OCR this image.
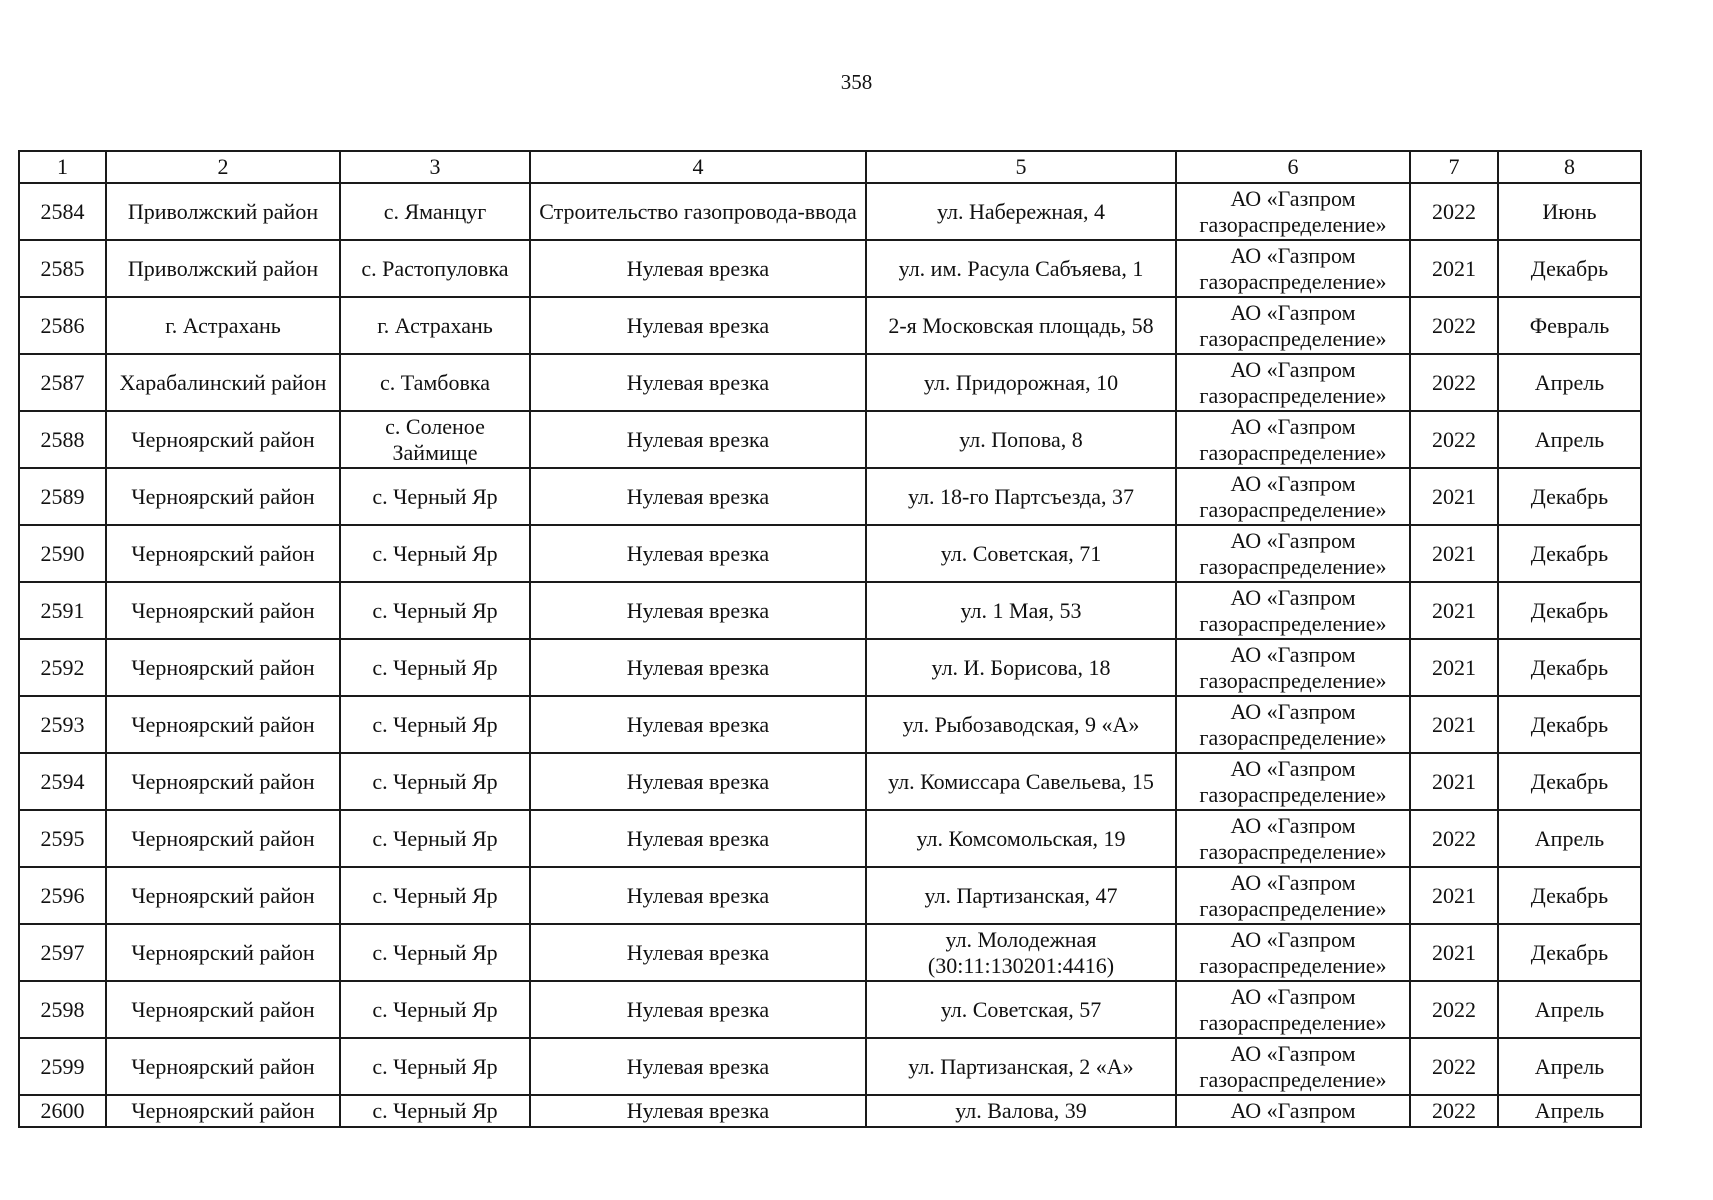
358
1	2	3	4	5	6	7	8
2584	Приволжский район	с. Яманцуг	Строительство газопровода-ввода	ул. Набережная, 4	АО «Газпром газораспределение»	2022	Июнь
2585	Приволжский район	с. Растопуловка	Нулевая врезка	ул. им. Расула Сабъяева, 1	АО «Газпром газораспределение»	2021	Декабрь
2586	г. Астрахань	г. Астрахань	Нулевая врезка	2-я Московская площадь, 58	АО «Газпром газораспределение»	2022	Февраль
2587	Харабалинский район	с. Тамбовка	Нулевая врезка	ул. Придорожная, 10	АО «Газпром газораспределение»	2022	Апрель
2588	Черноярский район	с. Соленое Займище	Нулевая врезка	ул. Попова, 8	АО «Газпром газораспределение»	2022	Апрель
2589	Черноярский район	с. Черный Яр	Нулевая врезка	ул. 18-го Партсъезда, 37	АО «Газпром газораспределение»	2021	Декабрь
2590	Черноярский район	с. Черный Яр	Нулевая врезка	ул. Советская, 71	АО «Газпром газораспределение»	2021	Декабрь
2591	Черноярский район	с. Черный Яр	Нулевая врезка	ул. 1 Мая, 53	АО «Газпром газораспределение»	2021	Декабрь
2592	Черноярский район	с. Черный Яр	Нулевая врезка	ул. И. Борисова, 18	АО «Газпром газораспределение»	2021	Декабрь
2593	Черноярский район	с. Черный Яр	Нулевая врезка	ул. Рыбозаводская, 9 «А»	АО «Газпром газораспределение»	2021	Декабрь
2594	Черноярский район	с. Черный Яр	Нулевая врезка	ул. Комиссара Савельева, 15	АО «Газпром газораспределение»	2021	Декабрь
2595	Черноярский район	с. Черный Яр	Нулевая врезка	ул. Комсомольская, 19	АО «Газпром газораспределение»	2022	Апрель
2596	Черноярский район	с. Черный Яр	Нулевая врезка	ул. Партизанская, 47	АО «Газпром газораспределение»	2021	Декабрь
2597	Черноярский район	с. Черный Яр	Нулевая врезка	ул. Молодежная (30:11:130201:4416)	АО «Газпром газораспределение»	2021	Декабрь
2598	Черноярский район	с. Черный Яр	Нулевая врезка	ул. Советская, 57	АО «Газпром газораспределение»	2022	Апрель
2599	Черноярский район	с. Черный Яр	Нулевая врезка	ул. Партизанская, 2 «А»	АО «Газпром газораспределение»	2022	Апрель
2600	Черноярский район	с. Черный Яр	Нулевая врезка	ул. Валова, 39	АО «Газпром	2022	Апрель
